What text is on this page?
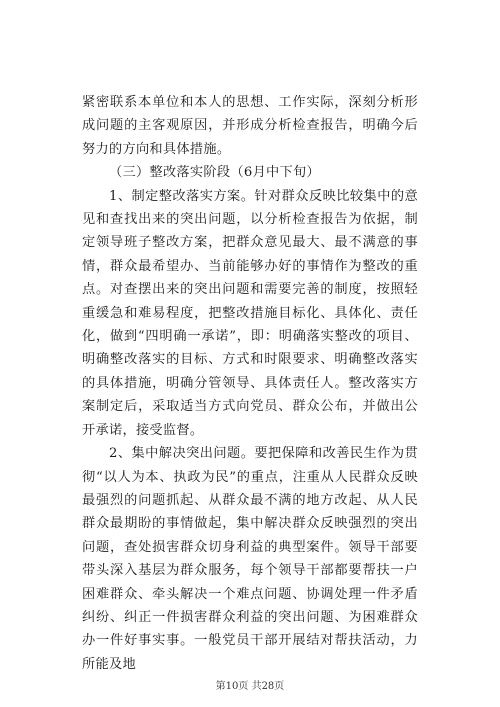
紧密联系本单位和本人的思想、工作实际，深刻分析形成问题的主客观原因，并形成分析检查报告，明确今后努力的方向和具体措施。

（三）整改落实阶段（6月中下旬）

1、制定整改落实方案。针对群众反映比较集中的意见和查找出来的突出问题，以分析检查报告为依据，制定领导班子整改方案，把群众意见最大、最不满意的事情，群众最希望办、当前能够办好的事情作为整改的重点。对查摆出来的突出问题和需要完善的制度，按照轻重缓急和难易程度，把整改措施目标化、具体化、责任化，做到“四明确一承诺”，即：明确落实整改的项目、明确整改落实的目标、方式和时限要求、明确整改落实的具体措施，明确分管领导、具体责任人。整改落实方案制定后，采取适当方式向党员、群众公布，并做出公开承诺，接受监督。

2、集中解决突出问题。要把保障和改善民生作为贯彻“以人为本、执政为民”的重点，注重从人民群众反映最强烈的问题抓起、从群众最不满的地方改起、从人民群众最期盼的事情做起，集中解决群众反映强烈的突出问题，查处损害群众切身利益的典型案件。领导干部要带头深入基层为群众服务，每个领导干部都要帮扶一户困难群众、牵头解决一个难点问题、协调处理一件矛盾纠纷、纠正一件损害群众利益的突出问题、为困难群众办一件好事实事。一般党员干部开展结对帮扶活动，力所能及地

第10页 共28页
